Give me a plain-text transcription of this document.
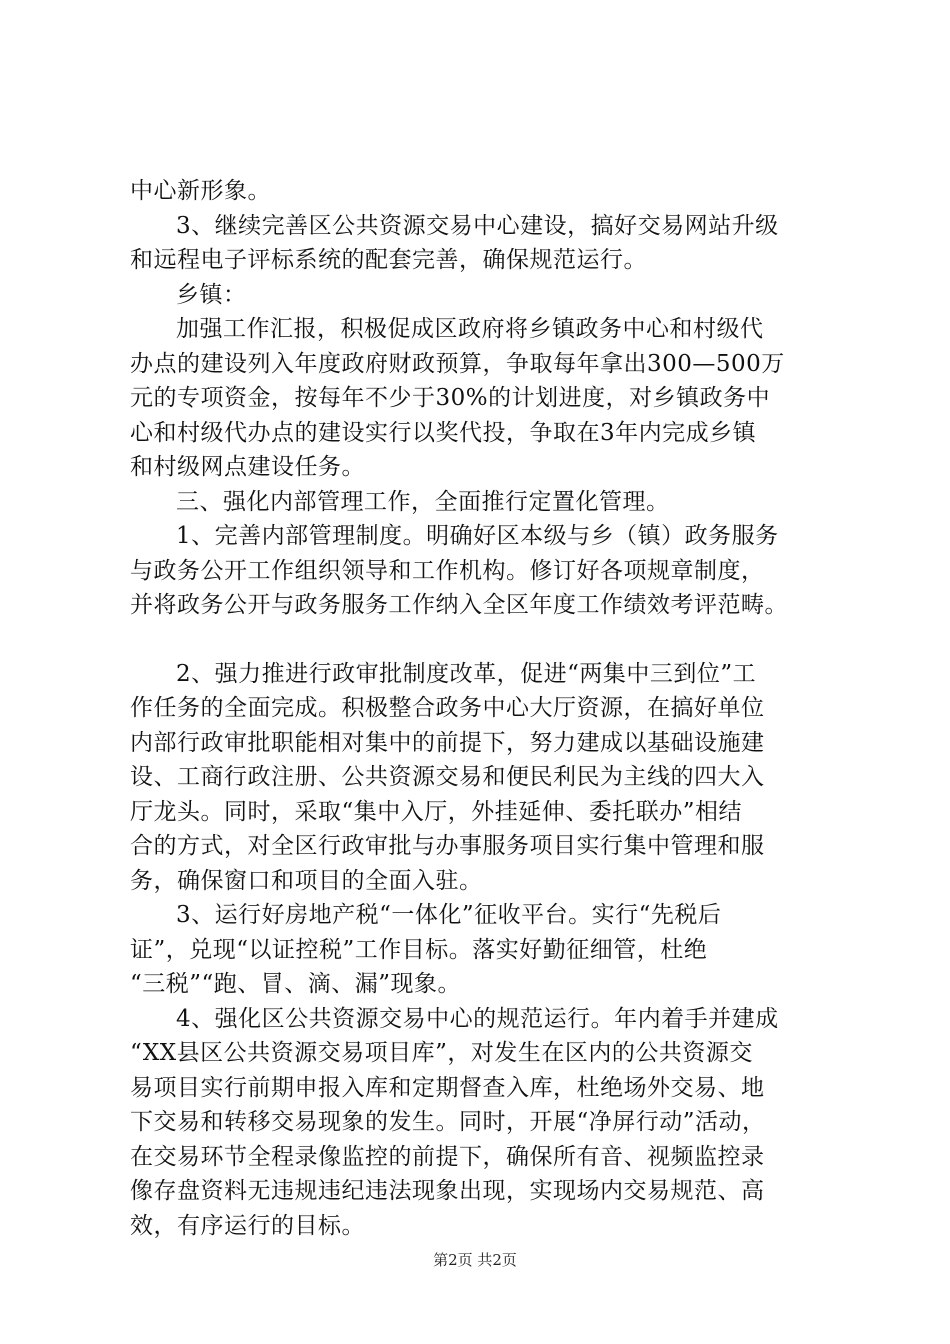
中心新形象。
3、继续完善区公共资源交易中心建设，搞好交易网站升级
和远程电子评标系统的配套完善，确保规范运行。
乡镇：
加强工作汇报，积极促成区政府将乡镇政务中心和村级代
办点的建设列入年度政府财政预算，争取每年拿出300—500万
元的专项资金，按每年不少于30%的计划进度，对乡镇政务中
心和村级代办点的建设实行以奖代投，争取在3年内完成乡镇
和村级网点建设任务。
三、强化内部管理工作，全面推行定置化管理。
1、完善内部管理制度。明确好区本级与乡（镇）政务服务
与政务公开工作组织领导和工作机构。修订好各项规章制度，
并将政务公开与政务服务工作纳入全区年度工作绩效考评范畴。
2、强力推进行政审批制度改革，促进“两集中三到位”工
作任务的全面完成。积极整合政务中心大厅资源，在搞好单位
内部行政审批职能相对集中的前提下，努力建成以基础设施建
设、工商行政注册、公共资源交易和便民利民为主线的四大入
厅龙头。同时，采取“集中入厅，外挂延伸、委托联办”相结
合的方式，对全区行政审批与办事服务项目实行集中管理和服
务，确保窗口和项目的全面入驻。
3、运行好房地产税“一体化”征收平台。实行“先税后
证”，兑现“以证控税”工作目标。落实好勤征细管，杜绝
“三税”“跑、冒、滴、漏”现象。
4、强化区公共资源交易中心的规范运行。年内着手并建成
“XX县区公共资源交易项目库”，对发生在区内的公共资源交
易项目实行前期申报入库和定期督查入库，杜绝场外交易、地
下交易和转移交易现象的发生。同时，开展“净屏行动”活动，
在交易环节全程录像监控的前提下，确保所有音、视频监控录
像存盘资料无违规违纪违法现象出现，实现场内交易规范、高
效，有序运行的目标。
第2页 共2页
